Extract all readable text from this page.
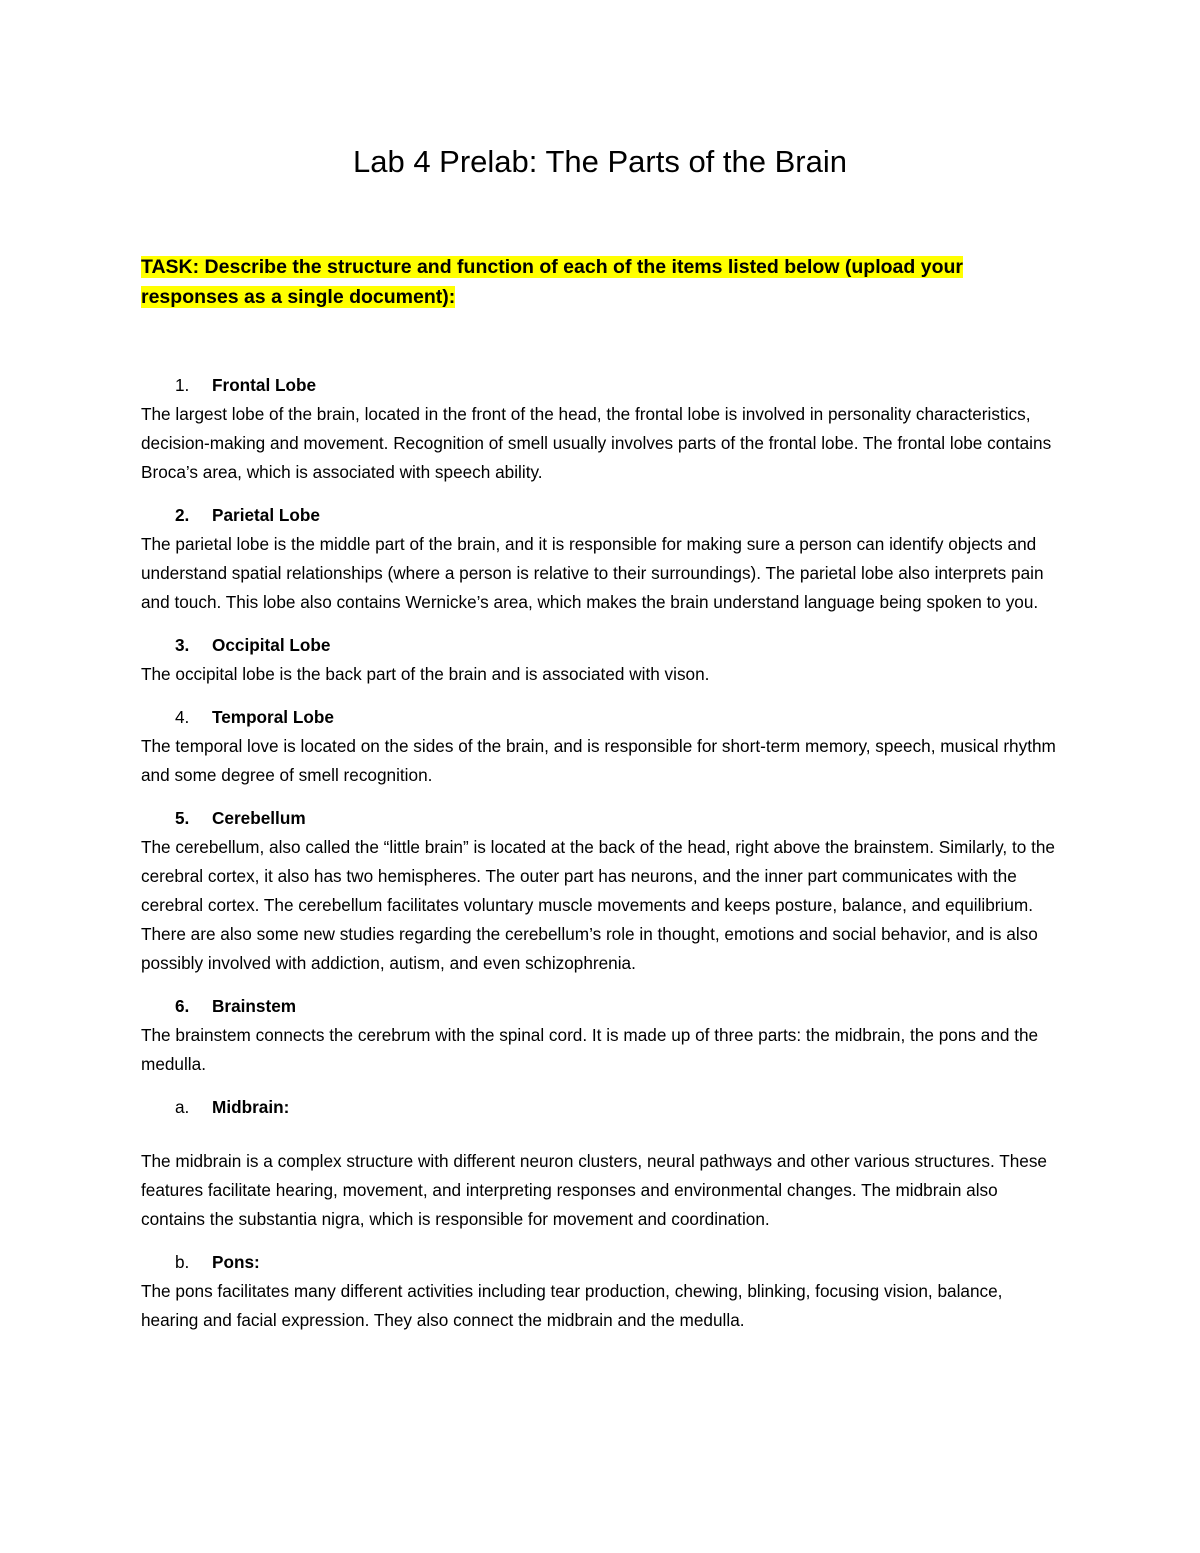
Lab 4 Prelab: The Parts of the Brain

TASK: Describe the structure and function of each of the items listed below (upload your responses as a single document):

1. Frontal Lobe

The largest lobe of the brain, located in the front of the head, the frontal lobe is involved in personality characteristics, decision-making and movement. Recognition of smell usually involves parts of the frontal lobe. The frontal lobe contains Broca’s area, which is associated with speech ability.

2. Parietal Lobe

The parietal lobe is the middle part of the brain, and it is responsible for making sure a person can identify objects and understand spatial relationships (where a person is relative to their surroundings). The parietal lobe also interprets pain and touch. This lobe also contains Wernicke’s area, which makes the brain understand language being spoken to you.

3. Occipital Lobe

The occipital lobe is the back part of the brain and is associated with vison.

4. Temporal Lobe

The temporal love is located on the sides of the brain, and is responsible for short-term memory, speech, musical rhythm and some degree of smell recognition.

5. Cerebellum

The cerebellum, also called the “little brain” is located at the back of the head, right above the brainstem. Similarly, to the cerebral cortex, it also has two hemispheres. The outer part has neurons, and the inner part communicates with the cerebral cortex. The cerebellum facilitates voluntary muscle movements and keeps posture, balance, and equilibrium. There are also some new studies regarding the cerebellum’s role in thought, emotions and social behavior, and is also possibly involved with addiction, autism, and even schizophrenia.

6. Brainstem

The brainstem connects the cerebrum with the spinal cord. It is made up of three parts: the midbrain, the pons and the medulla.

a. Midbrain:

The midbrain is a complex structure with different neuron clusters, neural pathways and other various structures. These features facilitate hearing, movement, and interpreting responses and environmental changes. The midbrain also contains the substantia nigra, which is responsible for movement and coordination.

b. Pons:

The pons facilitates many different activities including tear production, chewing, blinking, focusing vision, balance, hearing and facial expression. They also connect the midbrain and the medulla.
